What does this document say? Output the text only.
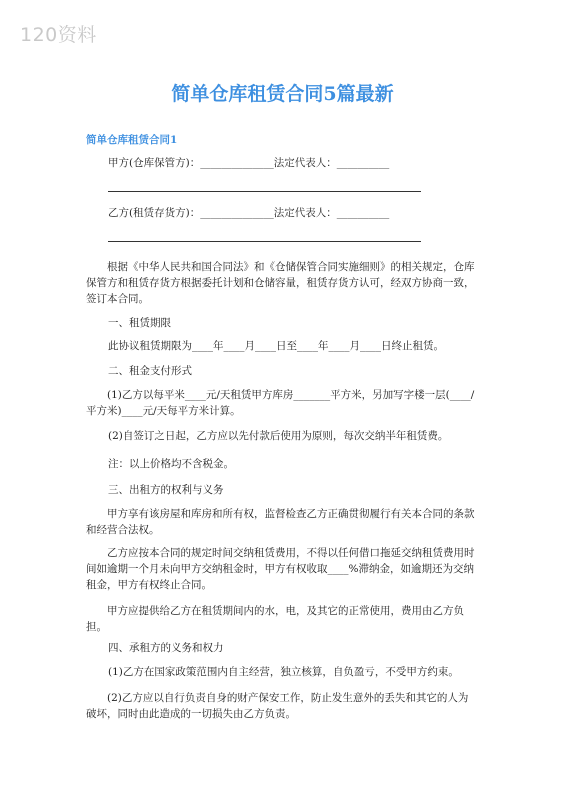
120资料
简单仓库租赁合同5篇最新
简单仓库租赁合同1
甲方(仓库保管方)：______________法定代表人：__________
乙方(租赁存货方)：______________法定代表人：__________
根据《中华人民共和国合同法》和《仓储保管合同实施细则》的相关规定，仓库保管方和租赁存货方根据委托计划和仓储容量，租赁存货方认可，经双方协商一致，签订本合同。
一、租赁期限
此协议租赁期限为____年____月____日至____年____月____日终止租赁。
二、租金支付形式
(1)乙方以每平米____元/天租赁甲方库房_______平方米，另加写字楼一层(____/平方米)____元/天每平方米计算。
(2)自签订之日起，乙方应以先付款后使用为原则，每次交纳半年租赁费。
注：以上价格均不含税金。
三、出租方的权利与义务
甲方享有该房屋和库房和所有权，监督检查乙方正确贯彻履行有关本合同的条款和经营合法权。
乙方应按本合同的规定时间交纳租赁费用，不得以任何借口拖延交纳租赁费用时间如逾期一个月未向甲方交纳租金时，甲方有权收取____%滞纳金，如逾期还为交纳租金，甲方有权终止合同。
甲方应提供给乙方在租赁期间内的水，电，及其它的正常使用，费用由乙方负担。
四、承租方的义务和权力
(1)乙方在国家政策范围内自主经营，独立核算，自负盈亏，不受甲方约束。
(2)乙方应以自行负责自身的财产保安工作，防止发生意外的丢失和其它的人为破坏，同时由此造成的一切损失由乙方负责。
